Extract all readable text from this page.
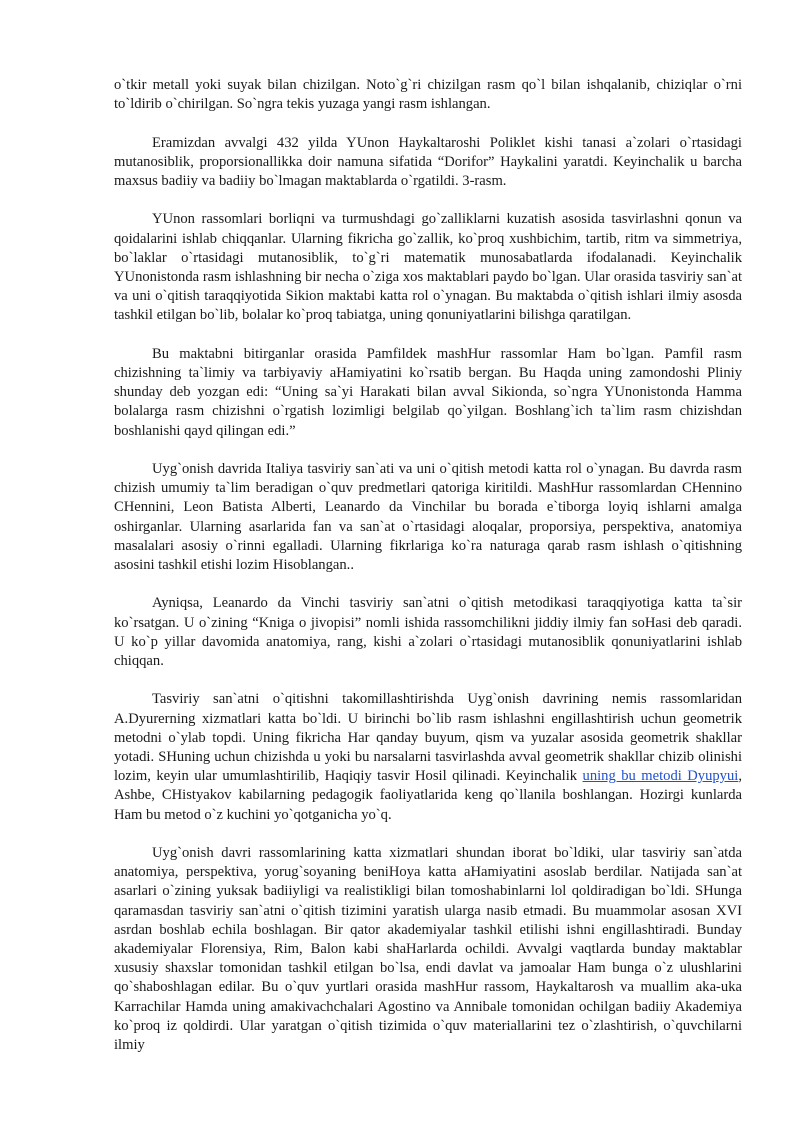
o`tkir metall yoki suyak bilan chizilgan. Noto`g`ri chizilgan rasm qo`l bilan ishqalanib, chiziqlar o`rni to`ldirib o`chirilgan. So`ngra tekis yuzaga yangi rasm ishlangan.

Eramizdan avvalgi 432 yilda YUnon Haykaltaroshi Poliklet kishi tanasi a`zolari o`rtasidagi mutanosiblik, proporsionallikka doir namuna sifatida “Dorifor” Haykalini yaratdi. Keyinchalik u barcha maxsus badiiy va badiiy bo`lmagan maktablarda o`rgatildi. 3-rasm.

YUnon rassomlari borliqni va turmushdagi go`zalliklarni kuzatish asosida tasvirlashni qonun va qoidalarini ishlab chiqqanlar. Ularning fikricha go`zallik, ko`proq xushbichim, tartib, ritm va simmetriya, bo`laklar o`rtasidagi mutanosiblik, to`g`ri matematik munosabatlarda ifodalanadi. Keyinchalik YUnonistonda rasm ishlashning bir necha o`ziga xos maktablari paydo bo`lgan. Ular orasida tasviriy san`at va uni o`qitish taraqqiyotida Sikion maktabi katta rol o`ynagan. Bu maktabda o`qitish ishlari ilmiy asosda tashkil etilgan bo`lib, bolalar ko`proq tabiatga, uning qonuniyatlarini bilishga qaratilgan.

Bu maktabni bitirganlar orasida Pamfildek mashHur rassomlar Ham bo`lgan. Pamfil rasm chizishning ta`limiy va tarbiyaviy aHamiyatini ko`rsatib bergan. Bu Haqda uning zamondoshi Pliniy shunday deb yozgan edi: “Uning sa`yi Harakati bilan avval Sikionda, so`ngra YUnonistonda Hamma bolalarga rasm chizishni o`rgatish lozimligi belgilab qo`yilgan. Boshlang`ich ta`lim rasm chizishdan boshlanishi qayd qilingan edi.”

Uyg`onish davrida Italiya tasviriy san`ati va uni o`qitish metodi katta rol o`ynagan. Bu davrda rasm chizish umumiy ta`lim beradigan o`quv predmetlari qatoriga kiritildi. MashHur rassomlardan CHennino CHennini, Leon Batista Alberti, Leanardo da Vinchilar bu borada e`tiborga loyiq ishlarni amalga oshirganlar. Ularning asarlarida fan va san`at o`rtasidagi aloqalar, proporsiya, perspektiva, anatomiya masalalari asosiy o`rinni egalladi. Ularning fikrlariga ko`ra naturaga qarab rasm ishlash o`qitishning asosini tashkil etishi lozim Hisoblangan..

Ayniqsa, Leanardo da Vinchi tasviriy san`atni o`qitish metodikasi taraqqiyotiga katta ta`sir ko`rsatgan. U o`zining “Kniga o jivopisi” nomli ishida rassomchilikni jiddiy ilmiy fan soHasi deb qaradi. U ko`p yillar davomida anatomiya, rang, kishi a`zolari o`rtasidagi mutanosiblik qonuniyatlarini ishlab chiqqan.

Tasviriy san`atni o`qitishni takomillashtirishda Uyg`onish davrining nemis rassomlaridan A.Dyurerning xizmatlari katta bo`ldi. U birinchi bo`lib rasm ishlashni engillashtirish uchun geometrik metodni o`ylab topdi. Uning fikricha Har qanday buyum, qism va yuzalar asosida geometrik shakllar yotadi. SHuning uchun chizishda u yoki bu narsalarni tasvirlashda avval geometrik shakllar chizib olinishi lozim, keyin ular umumlashtirilib, Haqiqiy tasvir Hosil qilinadi. Keyinchalik uning bu metodi Dyupyui, Ashbe, CHistyakov kabilarning pedagogik faoliyatlarida keng qo`llanila boshlangan. Hozirgi kunlarda Ham bu metod o`z kuchini yo`qotganicha yo`q.

Uyg`onish davri rassomlarining katta xizmatlari shundan iborat bo`ldiki, ular tasviriy san`atda anatomiya, perspektiva, yorug`soyaning beniHoya katta aHamiyatini asoslab berdilar. Natijada san`at asarlari o`zining yuksak badiiyligi va realistikligi bilan tomoshabinlarni lol qoldiradigan bo`ldi. SHunga qaramasdan tasviriy san`atni o`qitish tizimini yaratish ularga nasib etmadi. Bu muammolar asosan XVI asrdan boshlab echila boshlagan. Bir qator akademiyalar tashkil etilishi ishni engillashtiradi. Bunday akademiyalar Florensiya, Rim, Balon kabi shaHarlarda ochildi. Avvalgi vaqtlarda bunday maktablar xususiy shaxslar tomonidan tashkil etilgan bo`lsa, endi davlat va jamoalar Ham bunga o`z ulushlarini qo`shaboshlagan edilar. Bu o`quv yurtlari orasida mashHur rassom, Haykaltarosh va muallim aka-uka Karrachilar Hamda uning amakivachchalari Agostino va Annibale tomonidan ochilgan badiiy Akademiya ko`proq iz qoldirdi. Ular yaratgan o`qitish tizimida o`quv materiallarini tez o`zlashtirish, o`quvchilarni ilmiy
